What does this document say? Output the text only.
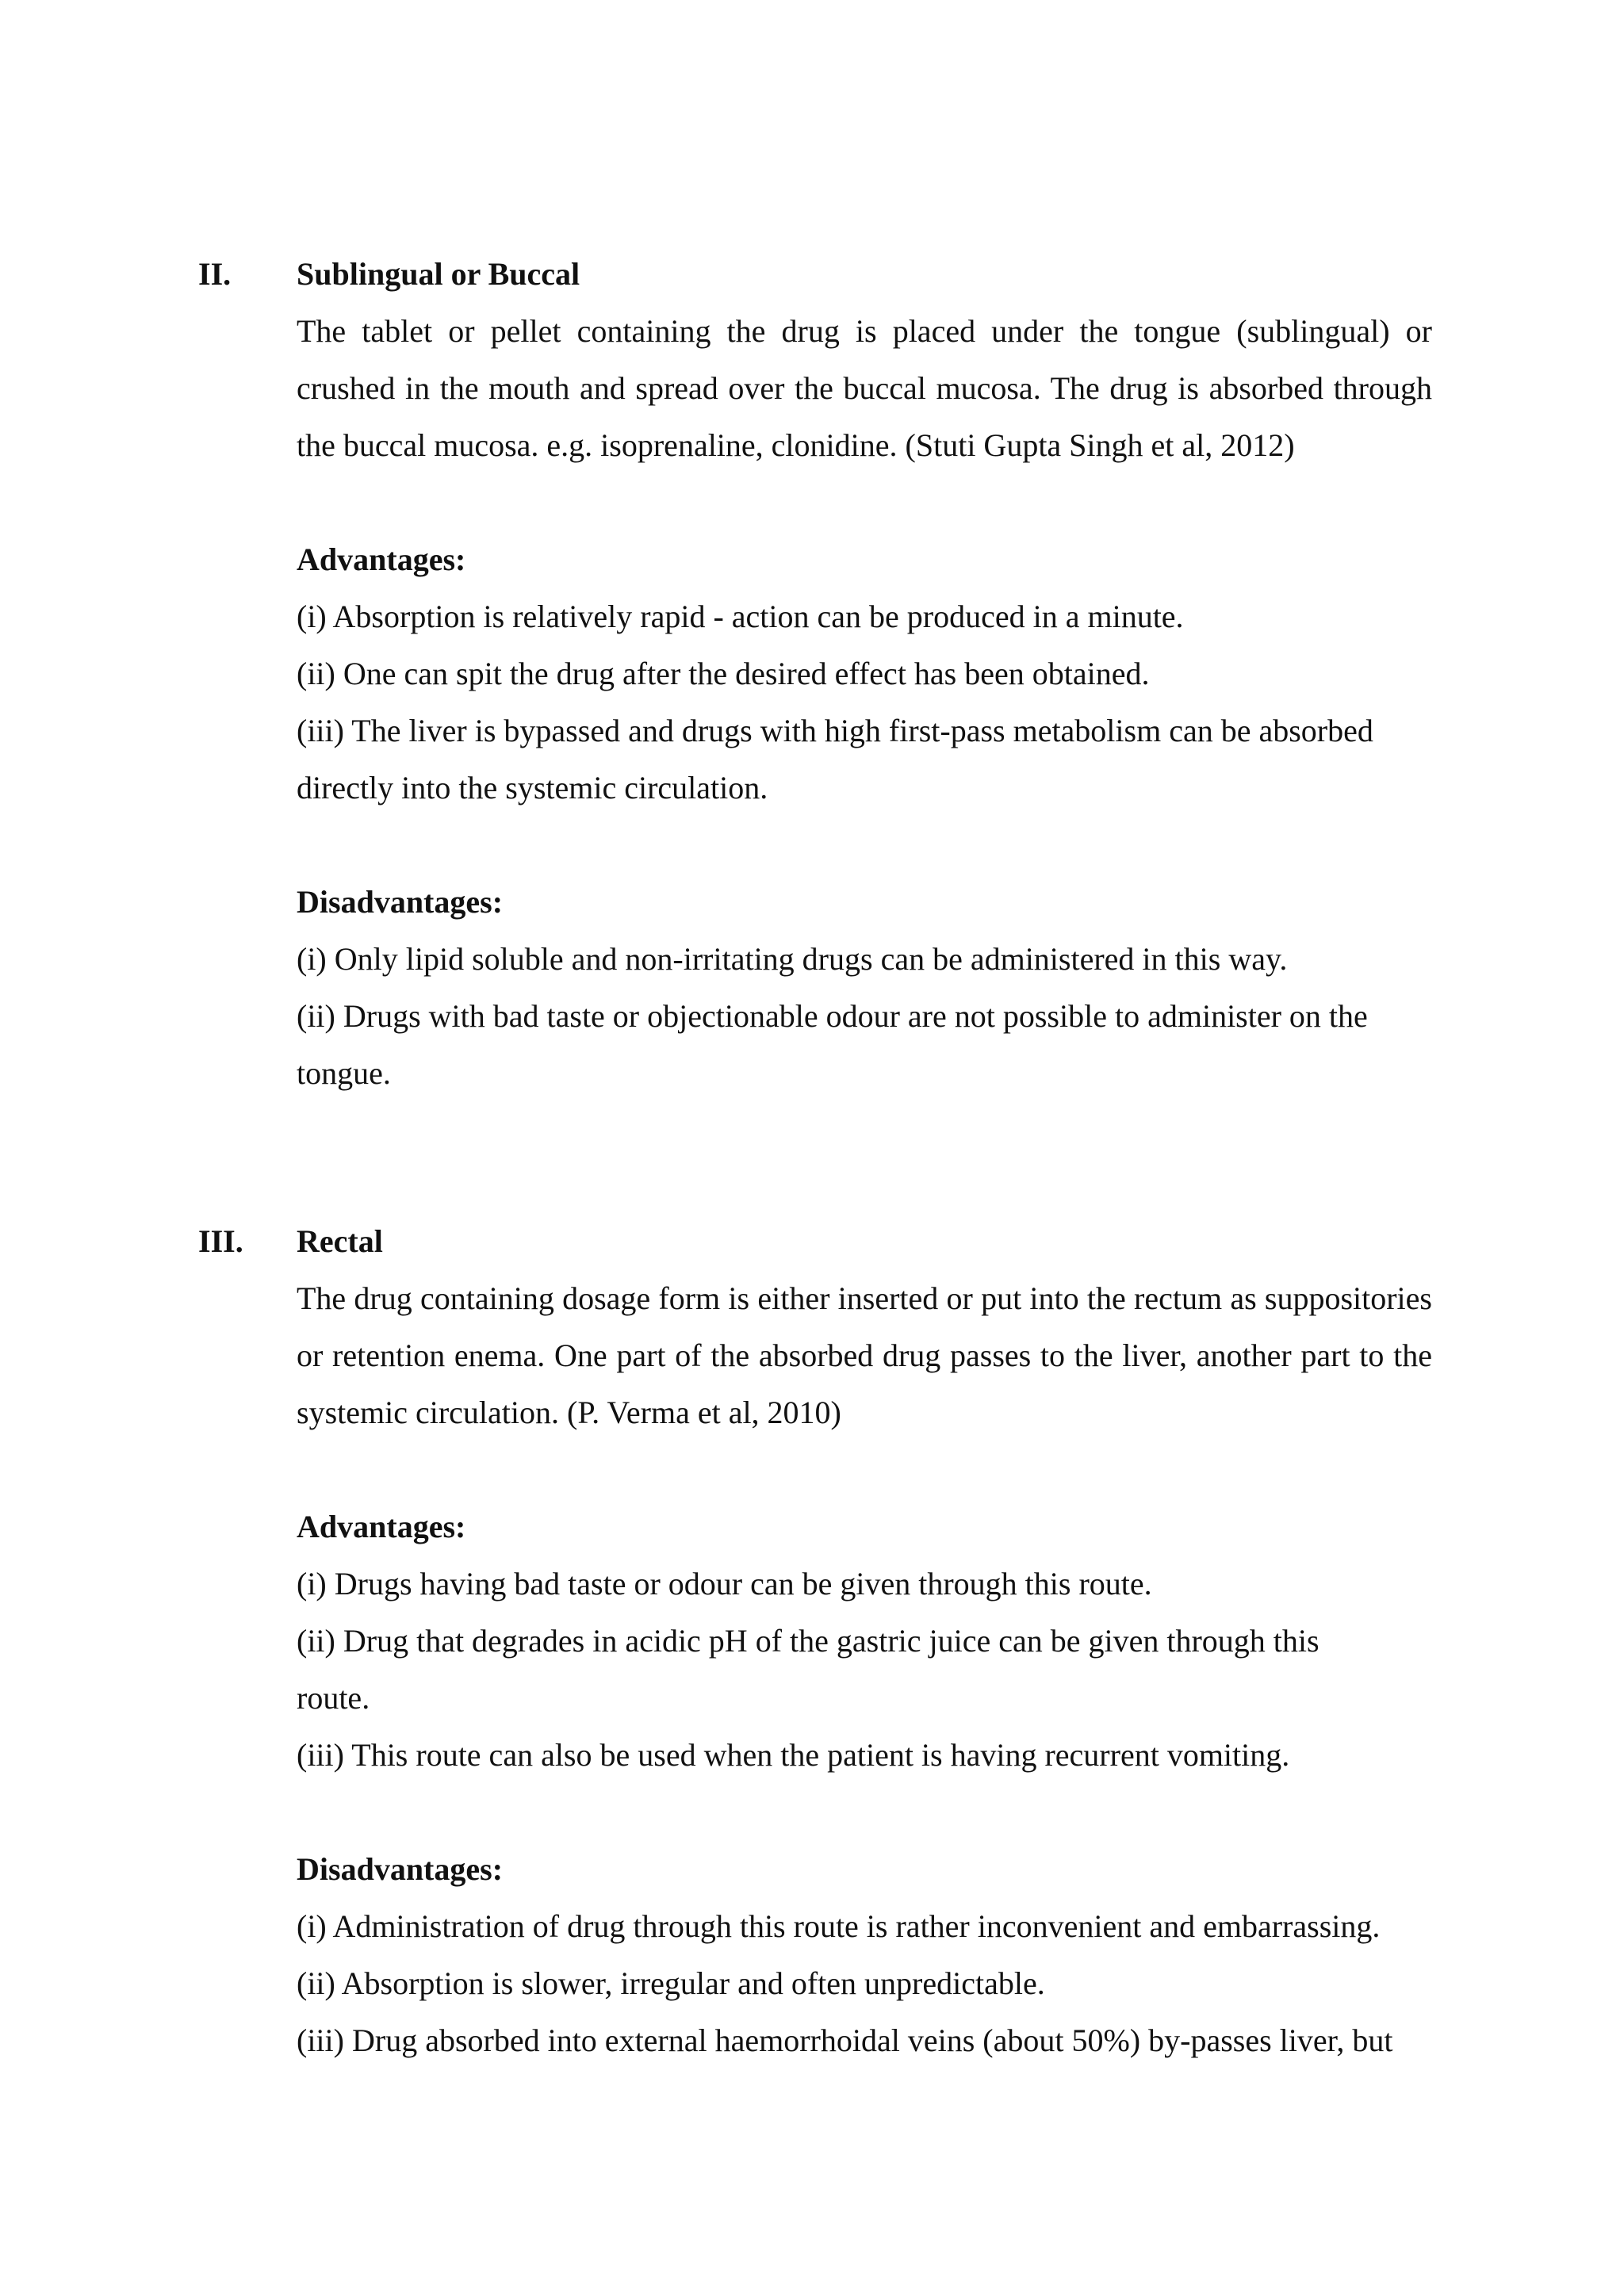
II. Sublingual or Buccal

The tablet or pellet containing the drug is placed under the tongue (sublingual) or crushed in the mouth and spread over the buccal mucosa. The drug is absorbed through the buccal mucosa. e.g. isoprenaline, clonidine. (Stuti Gupta Singh et al, 2012)

Advantages:
(i) Absorption is relatively rapid - action can be produced in a minute.
(ii) One can spit the drug after the desired effect has been obtained.
(iii) The liver is bypassed and drugs with high first-pass metabolism can be absorbed directly into the systemic circulation.
Disadvantages:
(i) Only lipid soluble and non-irritating drugs can be administered in this way.
(ii) Drugs with bad taste or objectionable odour are not possible to administer on the tongue.
III. Rectal

The drug containing dosage form is either inserted or put into the rectum as suppositories or retention enema. One part of the absorbed drug passes to the liver, another part to the systemic circulation. (P. Verma et al, 2010)

Advantages:
(i) Drugs having bad taste or odour can be given through this route.
(ii) Drug that degrades in acidic pH of the gastric juice can be given through this route.
(iii) This route can also be used when the patient is having recurrent vomiting.
Disadvantages:
(i) Administration of drug through this route is rather inconvenient and embarrassing.
(ii) Absorption is slower, irregular and often unpredictable.
(iii) Drug absorbed into external haemorrhoidal veins (about 50%) by-passes liver, but
